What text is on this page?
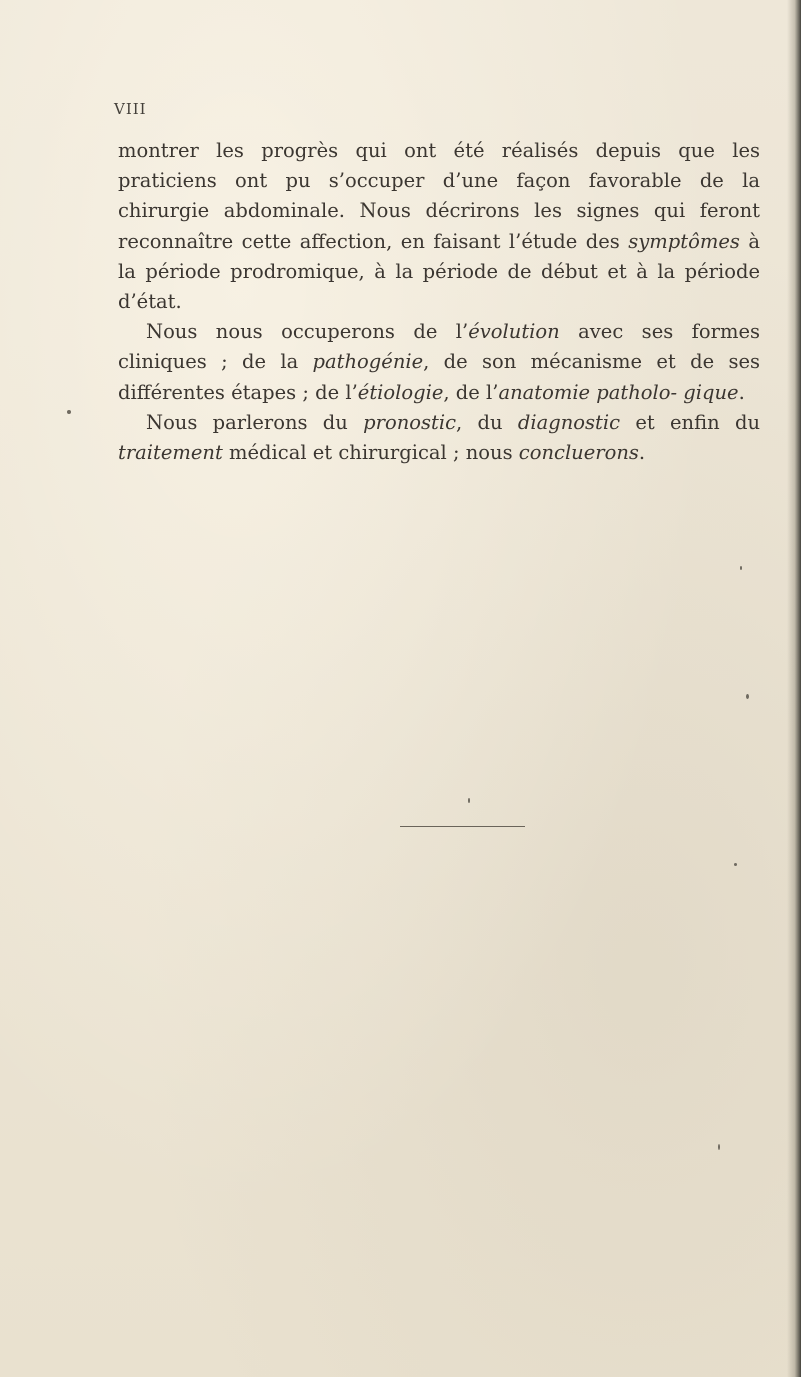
VIII

montrer les progrès qui ont été réalisés depuis que les praticiens ont pu s’occuper d’une façon favorable de la chirurgie abdominale. Nous décrirons les signes qui feront reconnaître cette affection, en faisant l’étude des symptômes à la période prodromique, à la période de début et à la période d’état.

Nous nous occuperons de l’évolution avec ses formes cliniques ; de la pathogénie, de son mécanisme et de ses différentes étapes ; de l’étiologie, de l’anatomie patholo- gique.

Nous parlerons du pronostic, du diagnostic et enfin du traitement médical et chirurgical ; nous concluerons.
